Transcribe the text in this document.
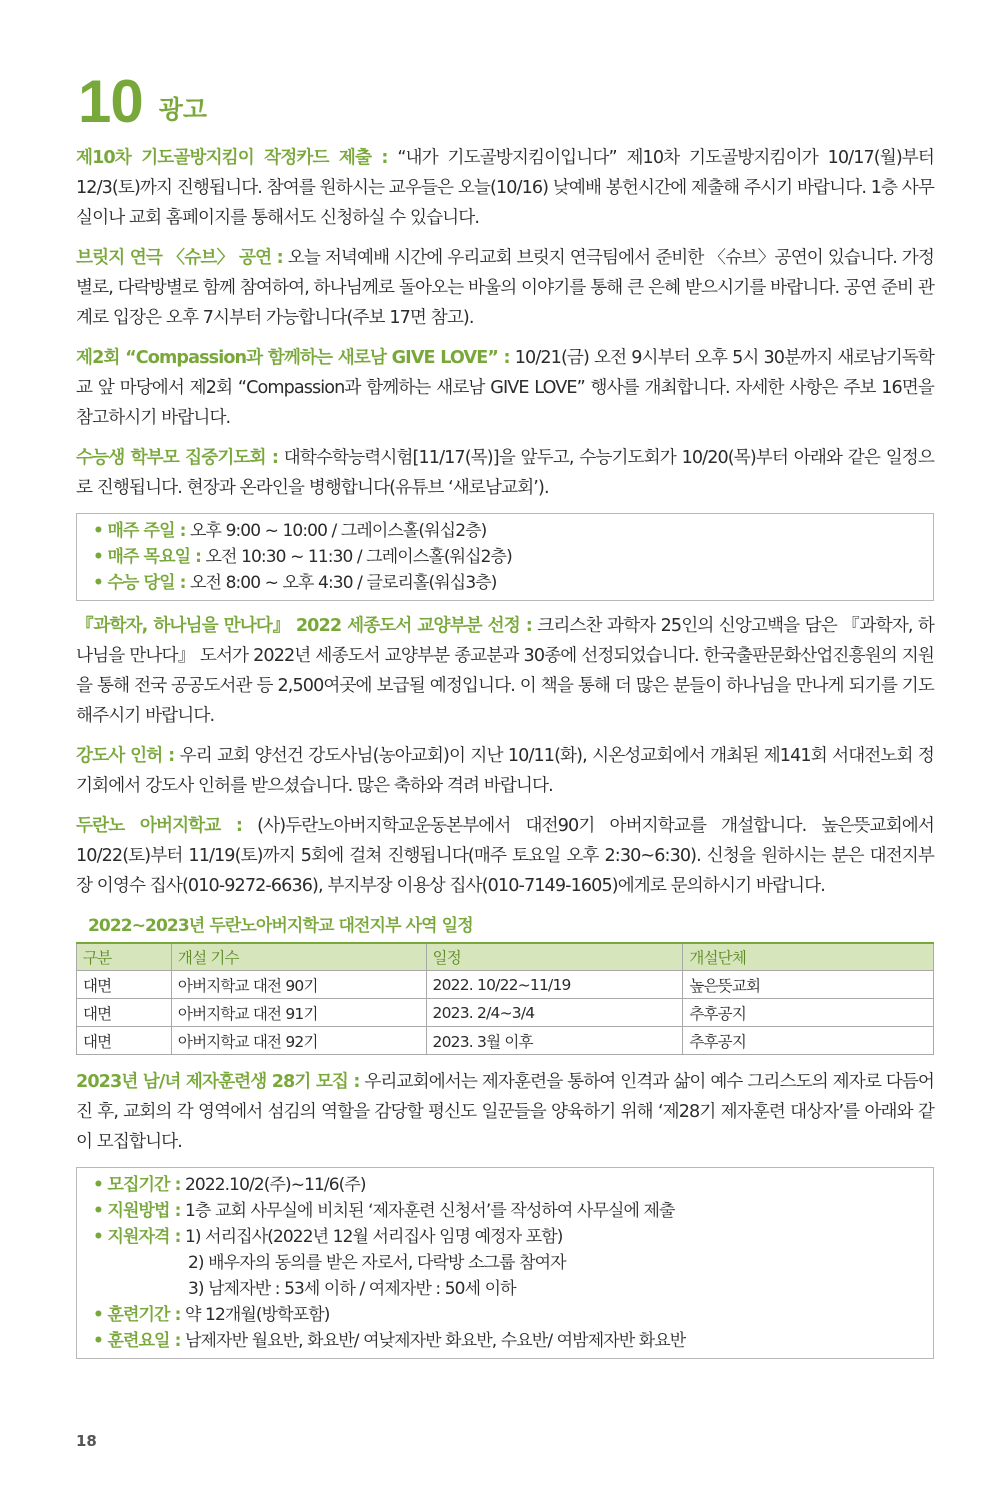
10 광고

제10차 기도골방지킴이 작정카드 제출 : “내가 기도골방지킴이입니다” 제10차 기도골방지킴이가 10/17(월)부터 12/3(토)까지 진행됩니다. 참여를 원하시는 교우들은 오늘(10/16) 낮예배 봉헌시간에 제출해 주시기 바랍니다. 1층 사무실이나 교회 홈페이지를 통해서도 신청하실 수 있습니다.

브릿지 연극 〈슈브〉 공연 : 오늘 저녁예배 시간에 우리교회 브릿지 연극팀에서 준비한 〈슈브〉공연이 있습니다. 가정별로, 다락방별로 함께 참여하여, 하나님께로 돌아오는 바울의 이야기를 통해 큰 은혜 받으시기를 바랍니다. 공연 준비 관계로 입장은 오후 7시부터 가능합니다(주보 17면 참고).

제2회 “Compassion과 함께하는 새로남 GIVE LOVE” : 10/21(금) 오전 9시부터 오후 5시 30분까지 새로남기독학교 앞 마당에서 제2회 “Compassion과 함께하는 새로남 GIVE LOVE” 행사를 개최합니다. 자세한 사항은 주보 16면을 참고하시기 바랍니다.

수능생 학부모 집중기도회 : 대학수학능력시험[11/17(목)]을 앞두고, 수능기도회가 10/20(목)부터 아래와 같은 일정으로 진행됩니다. 현장과 온라인을 병행합니다(유튜브 ‘새로남교회’).

• 매주 주일 : 오후 9:00 ~ 10:00 / 그레이스홀(워십2층)
• 매주 목요일 : 오전 10:30 ~ 11:30 / 그레이스홀(워십2층)
• 수능 당일 : 오전 8:00 ~ 오후 4:30 / 글로리홀(워십3층)

『과학자, 하나님을 만나다』 2022 세종도서 교양부분 선정 : 크리스찬 과학자 25인의 신앙고백을 담은 『과학자, 하나님을 만나다』 도서가 2022년 세종도서 교양부분 종교분과 30종에 선정되었습니다. 한국출판문화산업진흥원의 지원을 통해 전국 공공도서관 등 2,500여곳에 보급될 예정입니다. 이 책을 통해 더 많은 분들이 하나님을 만나게 되기를 기도해주시기 바랍니다.

강도사 인허 : 우리 교회 양선건 강도사님(농아교회)이 지난 10/11(화), 시온성교회에서 개최된 제141회 서대전노회 정기회에서 강도사 인허를 받으셨습니다. 많은 축하와 격려 바랍니다.

두란노 아버지학교 : (사)두란노아버지학교운동본부에서 대전90기 아버지학교를 개설합니다. 높은뜻교회에서 10/22(토)부터 11/19(토)까지 5회에 걸쳐 진행됩니다(매주 토요일 오후 2:30~6:30). 신청을 원하시는 분은 대전지부장 이영수 집사(010-9272-6636), 부지부장 이용상 집사(010-7149-1605)에게로 문의하시기 바랍니다.

2022~2023년 두란노아버지학교 대전지부 사역 일정
구분	개설 기수	일정	개설단체
대면	아버지학교 대전 90기	2022. 10/22~11/19	높은뜻교회
대면	아버지학교 대전 91기	2023. 2/4~3/4	추후공지
대면	아버지학교 대전 92기	2023. 3월 이후	추후공지

2023년 남/녀 제자훈련생 28기 모집 : 우리교회에서는 제자훈련을 통하여 인격과 삶이 예수 그리스도의 제자로 다듬어진 후, 교회의 각 영역에서 섬김의 역할을 감당할 평신도 일꾼들을 양육하기 위해 ‘제28기 제자훈련 대상자’를 아래와 같이 모집합니다.

• 모집기간 : 2022.10/2(주)~11/6(주)
• 지원방법 : 1층 교회 사무실에 비치된 ‘제자훈련 신청서’를 작성하여 사무실에 제출
• 지원자격 : 1) 서리집사(2022년 12월 서리집사 임명 예정자 포함)
2) 배우자의 동의를 받은 자로서, 다락방 소그룹 참여자
3) 남제자반 : 53세 이하 / 여제자반 : 50세 이하
• 훈련기간 : 약 12개월(방학포함)
• 훈련요일 : 남제자반 월요반, 화요반/ 여낮제자반 화요반, 수요반/ 여밤제자반 화요반
18
